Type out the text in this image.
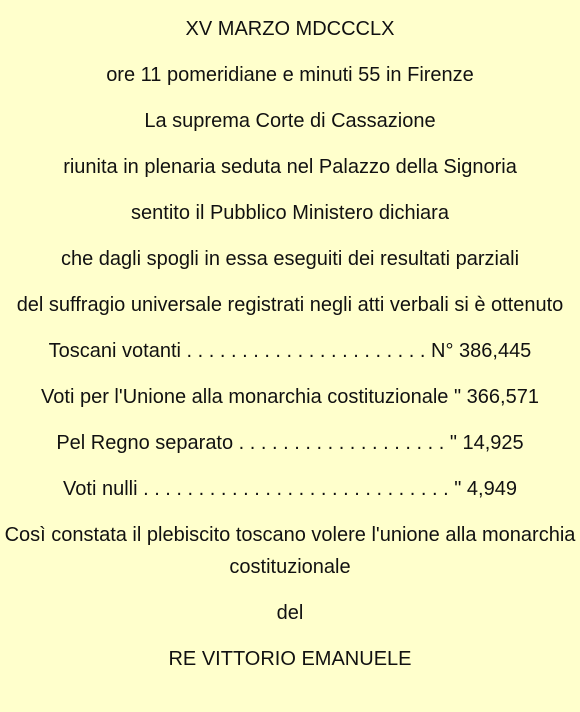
XV MARZO MDCCCLX

ore 11 pomeridiane e minuti 55 in Firenze

La suprema Corte di Cassazione

riunita in plenaria seduta nel Palazzo della Signoria

sentito il Pubblico Ministero dichiara

che dagli spogli in essa eseguiti dei resultati parziali

del suffragio universale registrati negli atti verbali si è ottenuto

Toscani votanti . . . . . . . . . . . . . . . . . . . . . . N° 386,445

Voti per l'Unione alla monarchia costituzionale " 366,571

Pel Regno separato . . . . . . . . . . . . . . . . . . . " 14,925

Voti nulli . . . . . . . . . . . . . . . . . . . . . . . . . . . . " 4,949

Così constata il plebiscito toscano volere l'unione alla monarchia costituzionale

del

RE VITTORIO EMANUELE
